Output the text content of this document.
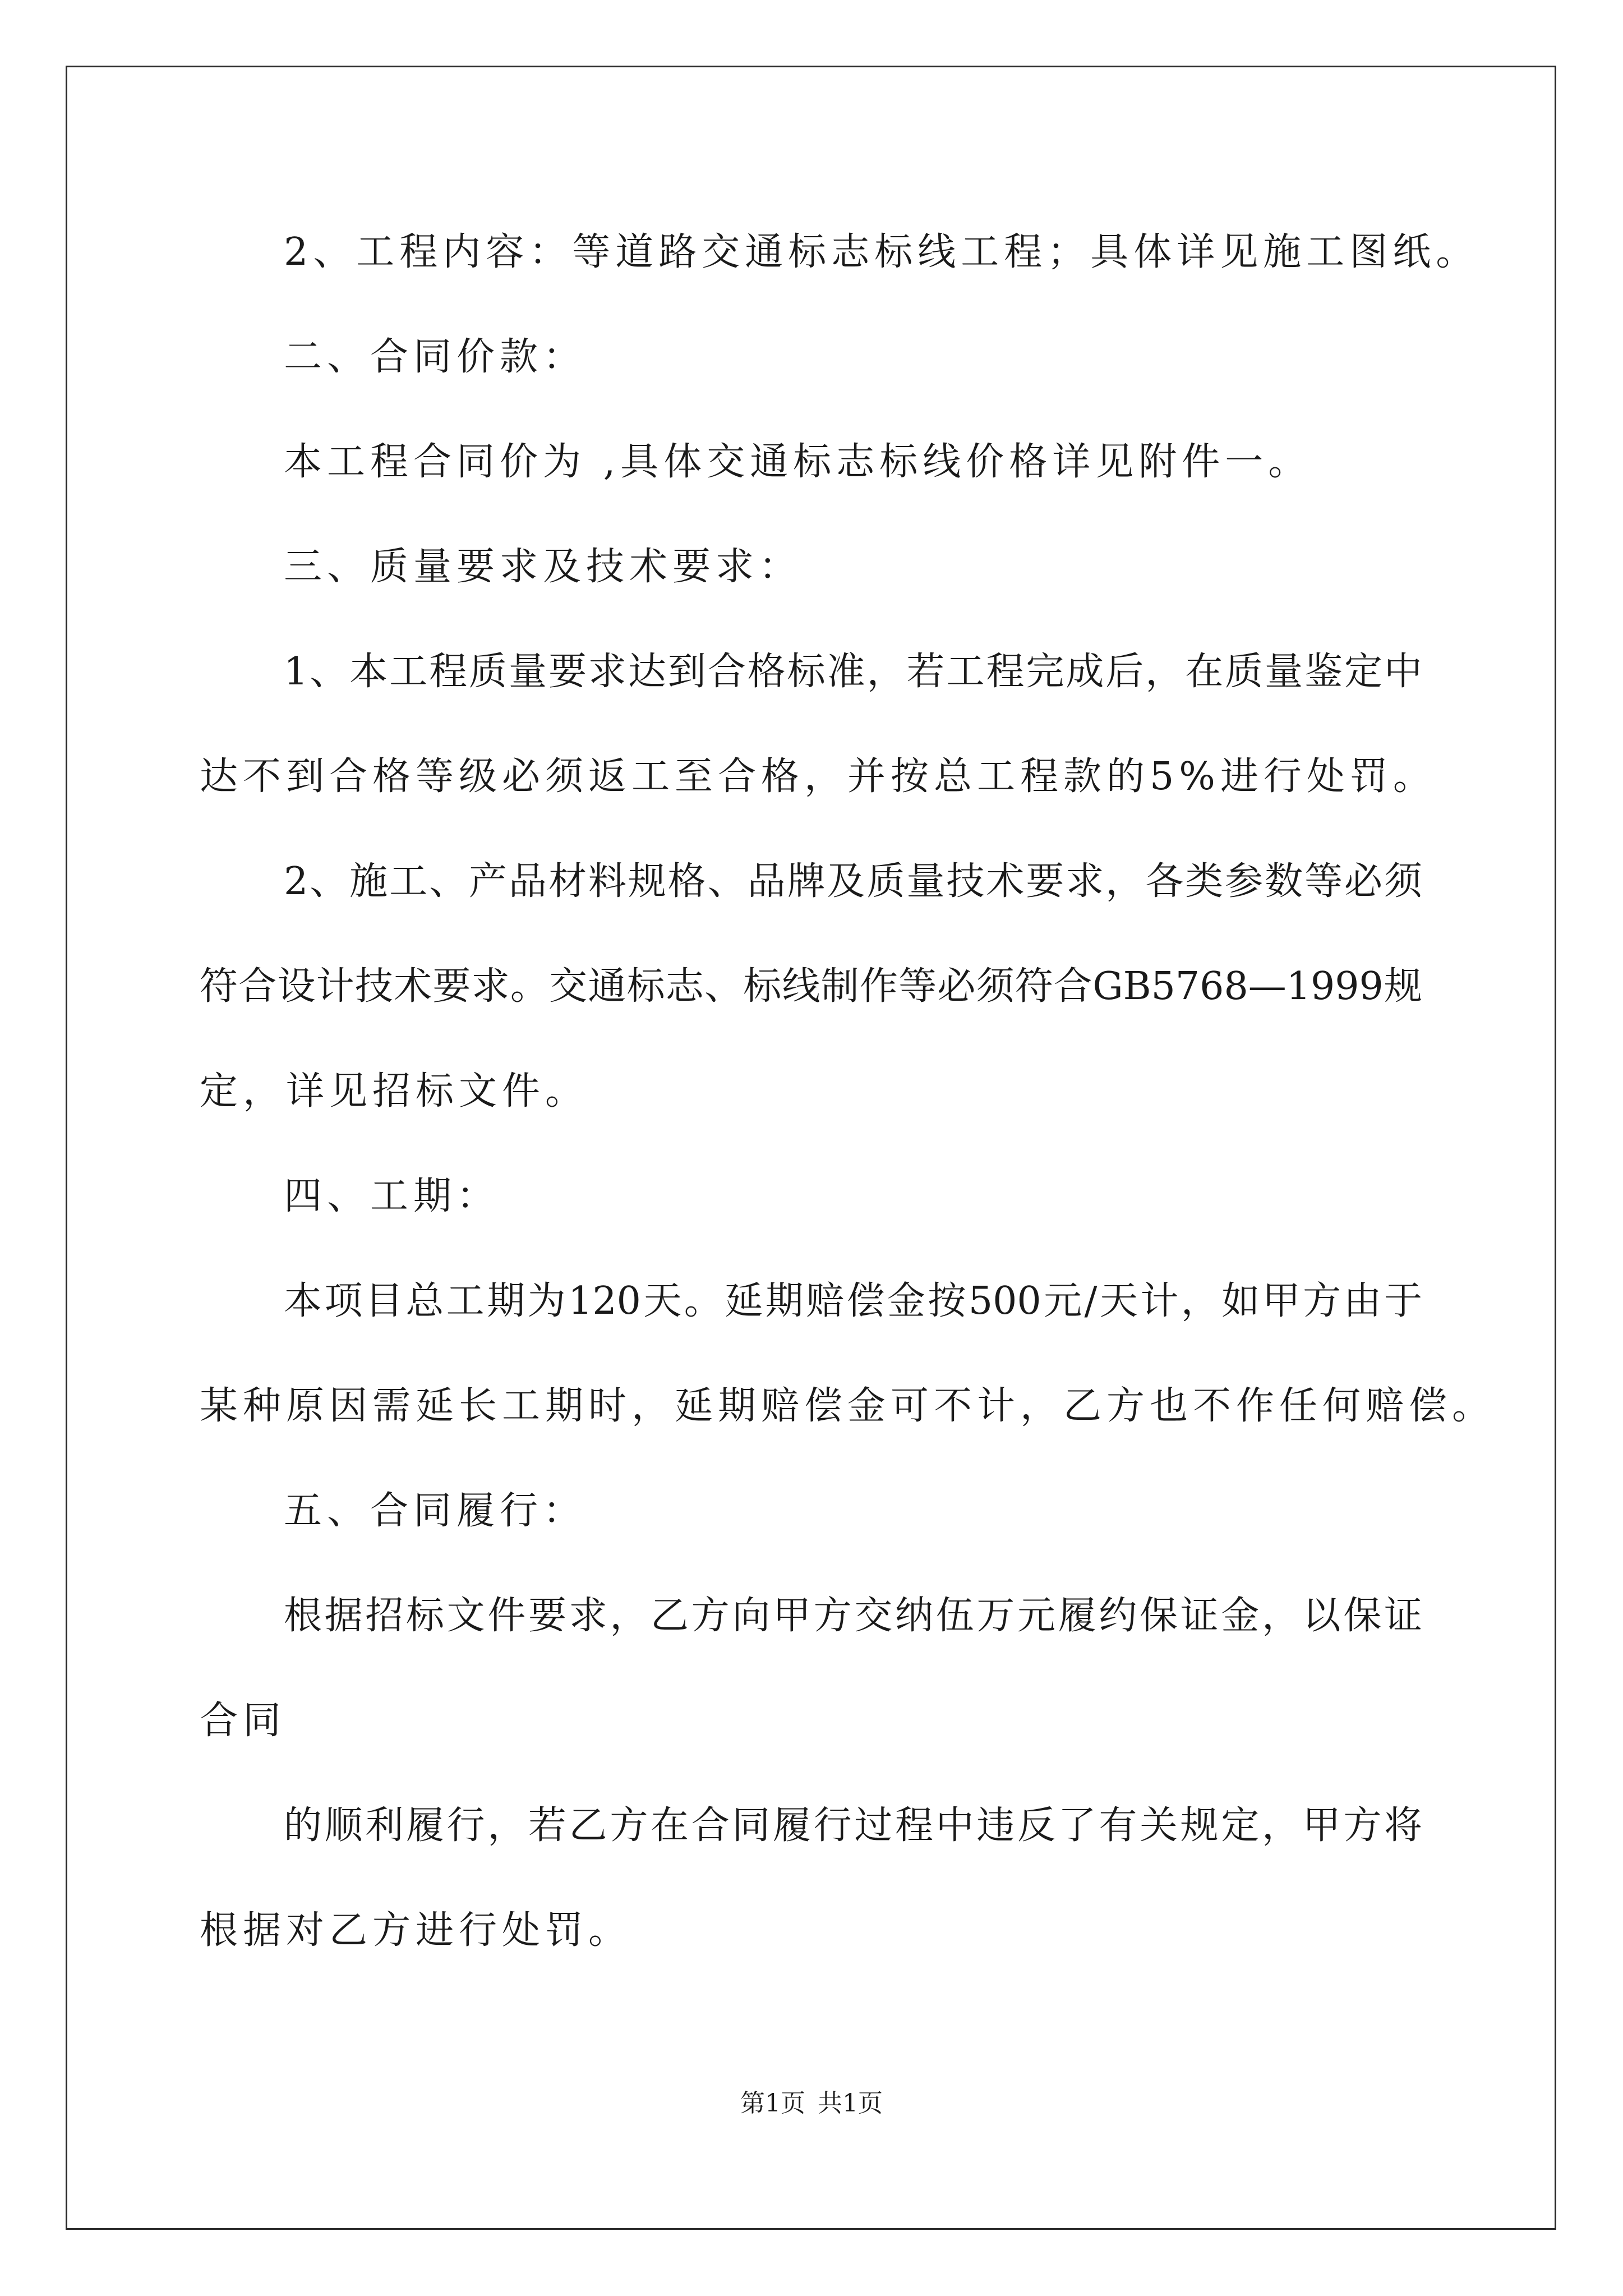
2、工程内容：等道路交通标志标线工程；具体详见施工图纸。
二、合同价款：
本工程合同价为 ,具体交通标志标线价格详见附件一。
三、质量要求及技术要求：
1、本工程质量要求达到合格标准，若工程完成后，在质量鉴定中
达不到合格等级必须返工至合格，并按总工程款的5%进行处罚。
2、施工、产品材料规格、品牌及质量技术要求，各类参数等必须
符合设计技术要求。交通标志、标线制作等必须符合GB5768—1999规
定，详见招标文件。
四、工期：
本项目总工期为120天。延期赔偿金按500元/天计，如甲方由于
某种原因需延长工期时，延期赔偿金可不计，乙方也不作任何赔偿。
五、合同履行：
根据招标文件要求，乙方向甲方交纳伍万元履约保证金，以保证
合同
的顺利履行，若乙方在合同履行过程中违反了有关规定，甲方将
根据对乙方进行处罚。
第1页 共1页
